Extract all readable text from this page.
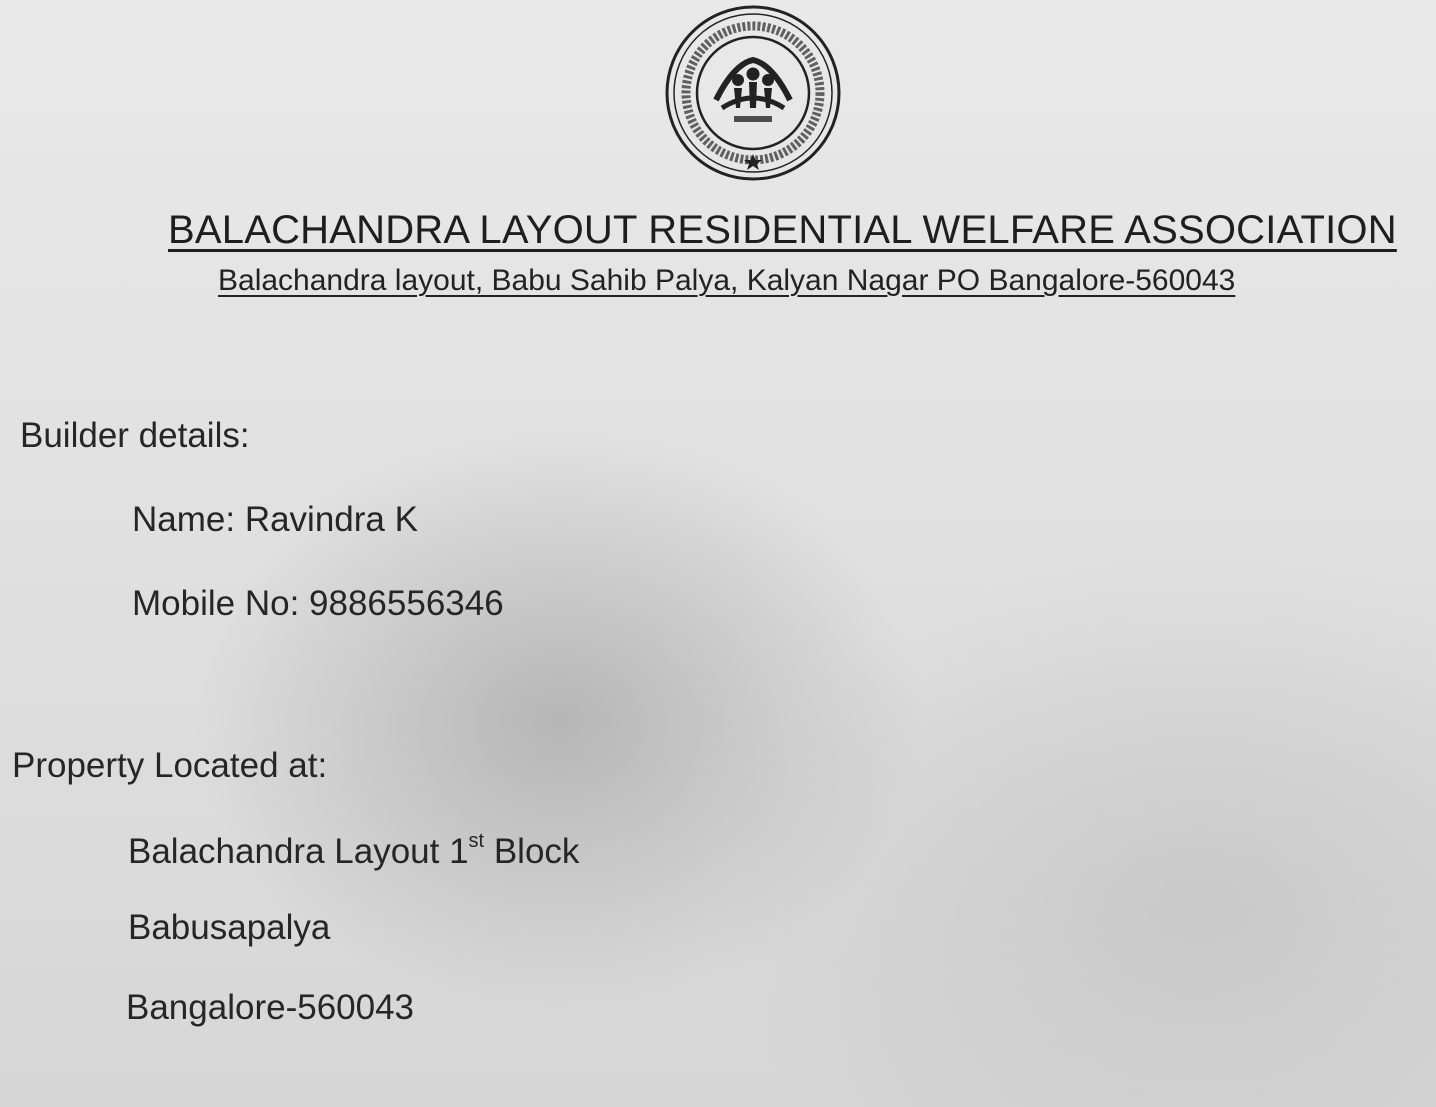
BALACHANDRA LAYOUT RESIDENTIAL WELFARE ASSOCIATION
Balachandra layout, Babu Sahib Palya, Kalyan Nagar PO Bangalore-560043
Builder details:
Name: Ravindra K
Mobile No: 9886556346
Property Located at:
Balachandra Layout 1st Block
Babusapalya
Bangalore-560043
